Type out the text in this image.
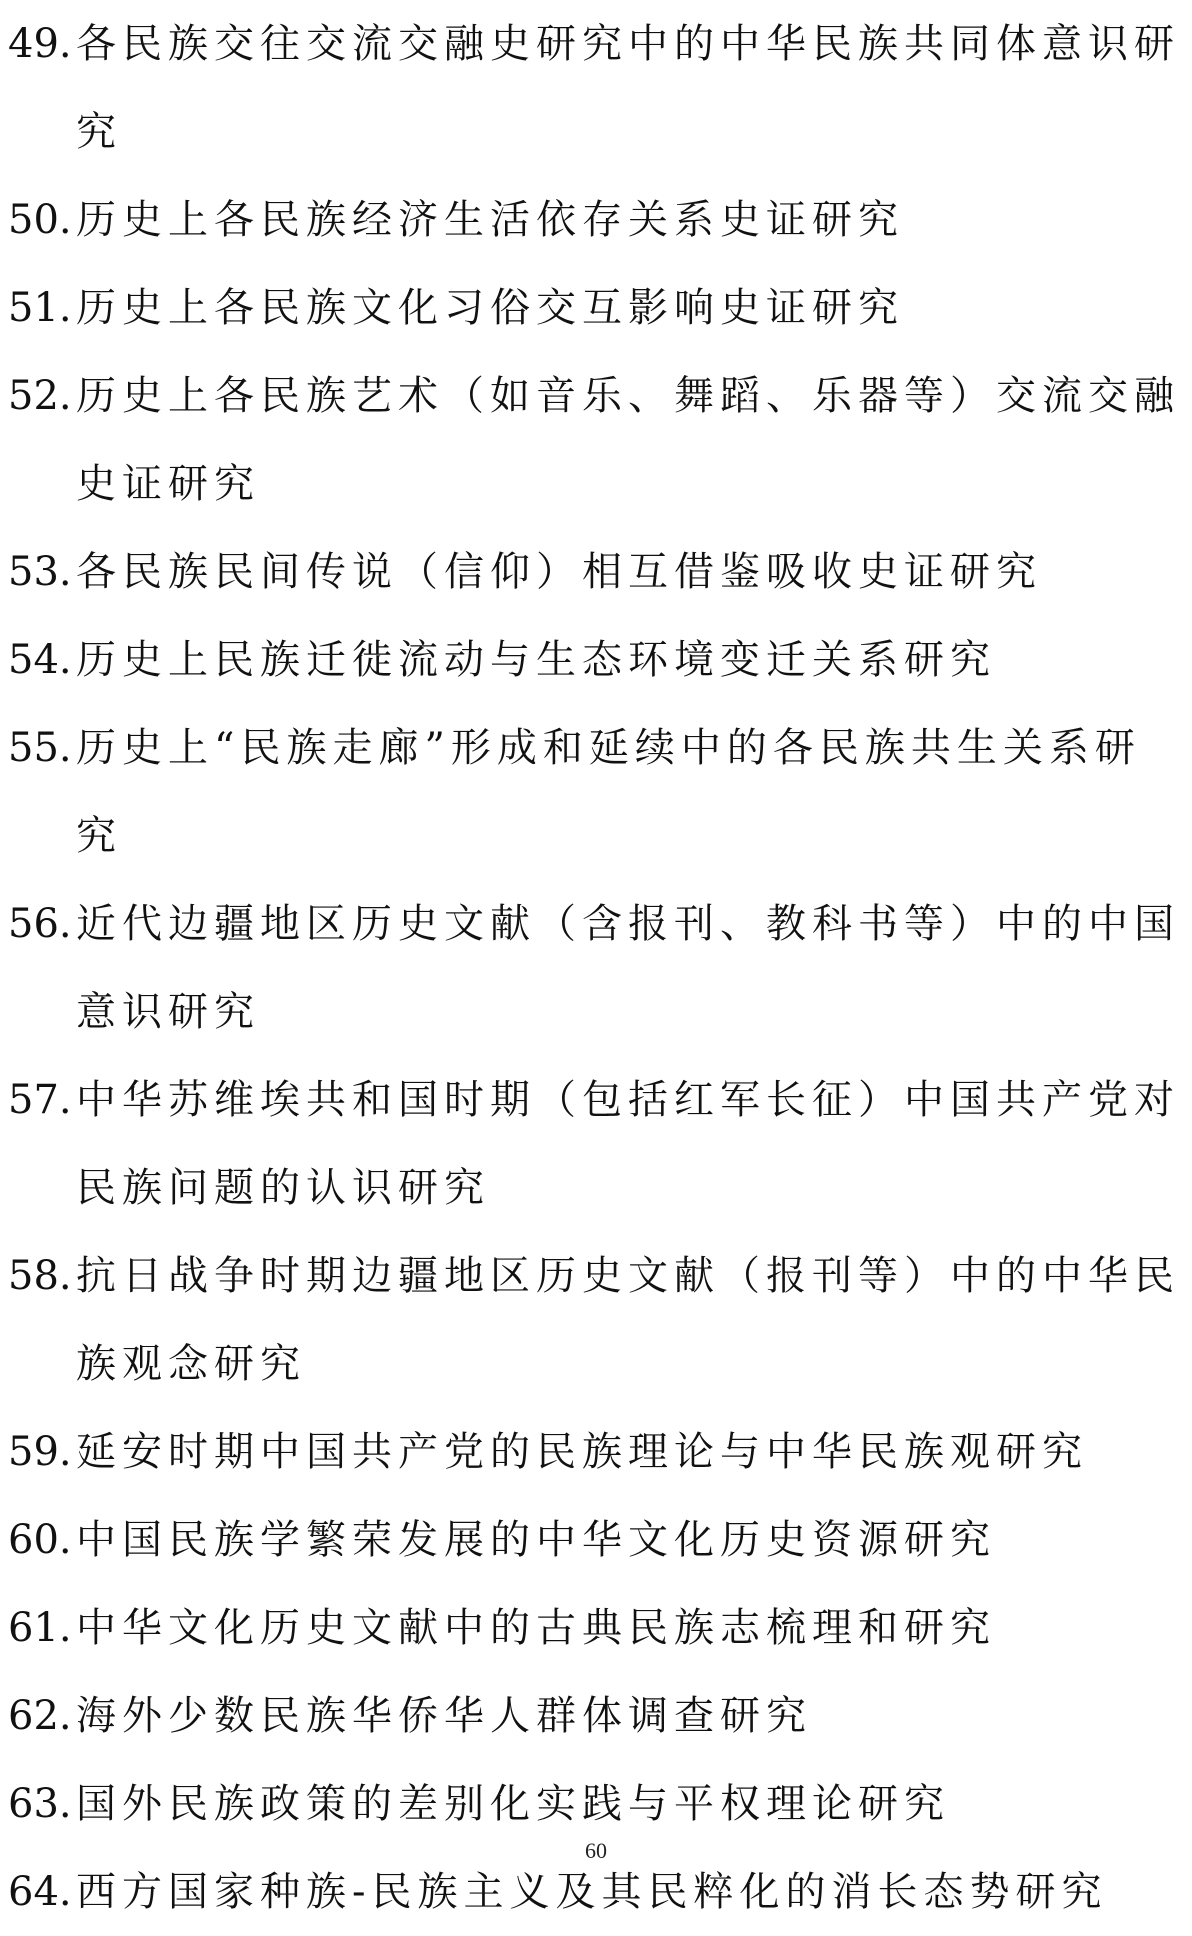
49. 各民族交往交流交融史研究中的中华民族共同体意识研究
50. 历史上各民族经济生活依存关系史证研究
51. 历史上各民族文化习俗交互影响史证研究
52. 历史上各民族艺术（如音乐、舞蹈、乐器等）交流交融史证研究
53. 各民族民间传说（信仰）相互借鉴吸收史证研究
54. 历史上民族迁徙流动与生态环境变迁关系研究
55. 历史上“民族走廊”形成和延续中的各民族共生关系研究
56. 近代边疆地区历史文献（含报刊、教科书等）中的中国意识研究
57. 中华苏维埃共和国时期（包括红军长征）中国共产党对民族问题的认识研究
58. 抗日战争时期边疆地区历史文献（报刊等）中的中华民族观念研究
59. 延安时期中国共产党的民族理论与中华民族观研究
60. 中国民族学繁荣发展的中华文化历史资源研究
61. 中华文化历史文献中的古典民族志梳理和研究
62. 海外少数民族华侨华人群体调查研究
63. 国外民族政策的差别化实践与平权理论研究
64. 西方国家种族-民族主义及其民粹化的消长态势研究
60
